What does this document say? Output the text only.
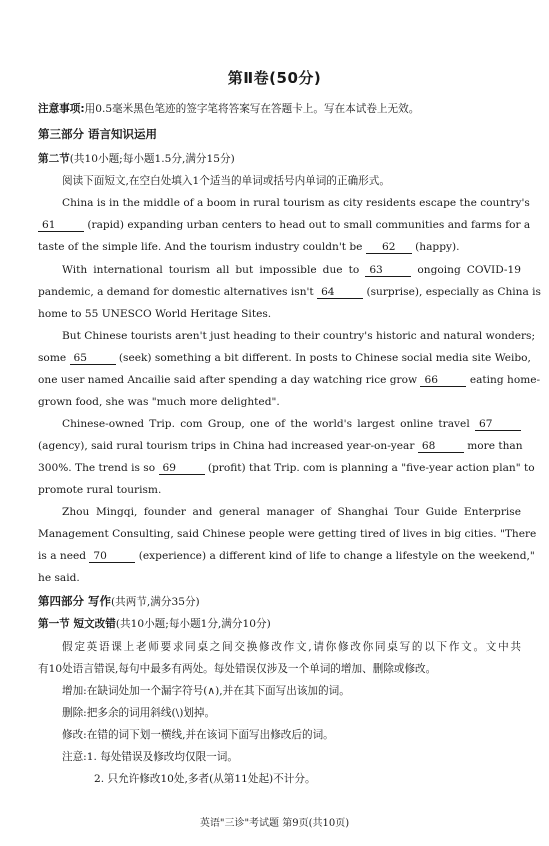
第Ⅱ卷(50分)
注意事项:用0.5毫米黑色笔迹的签字笔将答案写在答题卡上。写在本试卷上无效。
第三部分 语言知识运用
第二节(共10小题;每小题1.5分,满分15分)
阅读下面短文,在空白处填入1个适当的单词或括号内单词的正确形式。
China is in the middle of a boom in rural tourism as city residents escape the country's
61	(rapid) expanding urban centers to head out to small communities and farms for a
taste of the simple life. And the tourism industry couldn't be 62 (happy).
With international tourism all but impossible due to 63	ongoing COVID-19
pandemic, a demand for domestic alternatives isn't 64	(surprise), especially as China is
home to 55 UNESCO World Heritage Sites.
But Chinese tourists aren't just heading to their country's historic and natural wonders;
some 65	(seek) something a bit different. In posts to Chinese social media site Weibo,
one user named Ancailie said after spending a day watching rice grow 66	eating home-
grown food, she was "much more delighted".
Chinese-owned Trip. com Group, one of the world's largest online travel 67
(agency), said rural tourism trips in China had increased year-on-year 68	more than
300%. The trend is so 69	(profit) that Trip. com is planning a "five-year action plan" to
promote rural tourism.
Zhou Mingqi, founder and general manager of Shanghai Tour Guide Enterprise
Management Consulting, said Chinese people were getting tired of lives in big cities. "There
is a need 70	(experience) a different kind of life to change a lifestyle on the weekend,"
he said.
第四部分 写作(共两节,满分35分)
第一节 短文改错(共10小题;每小题1分,满分10分)
假定英语课上老师要求同桌之间交换修改作文,请你修改你同桌写的以下作文。文中共
有10处语言错误,每句中最多有两处。每处错误仅涉及一个单词的增加、删除或修改。
增加:在缺词处加一个漏字符号(∧),并在其下面写出该加的词。
删除:把多余的词用斜线(\)划掉。
修改:在错的词下划一横线,并在该词下面写出修改后的词。
注意:1. 每处错误及修改均仅限一词。
2. 只允许修改10处,多者(从第11处起)不计分。
英语"三诊"考试题 第9页(共10页)
